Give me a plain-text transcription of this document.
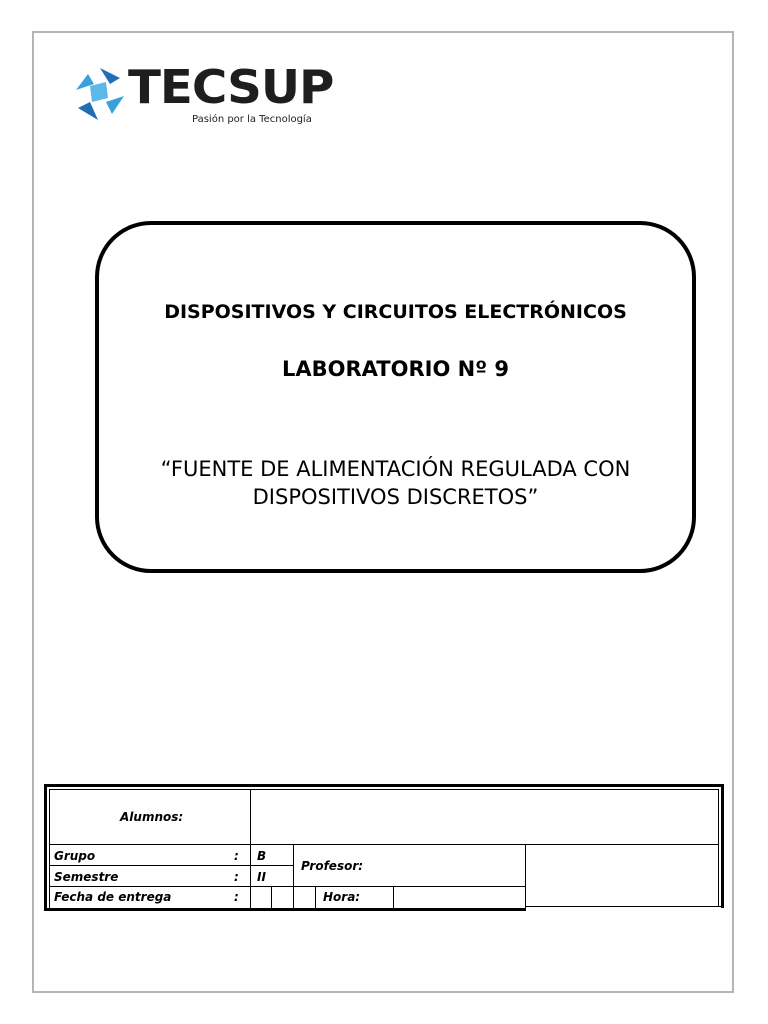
TECSUP
Pasión por la Tecnología
DISPOSITIVOS Y CIRCUITOS ELECTRÓNICOS
LABORATORIO Nº 9
“FUENTE DE ALIMENTACIÓN REGULADA CON
DISPOSITIVOS DISCRETOS”
Alumnos:
Grupo	: B
Semestre	: II
Fecha de entrega	:
Profesor:
Hora:
